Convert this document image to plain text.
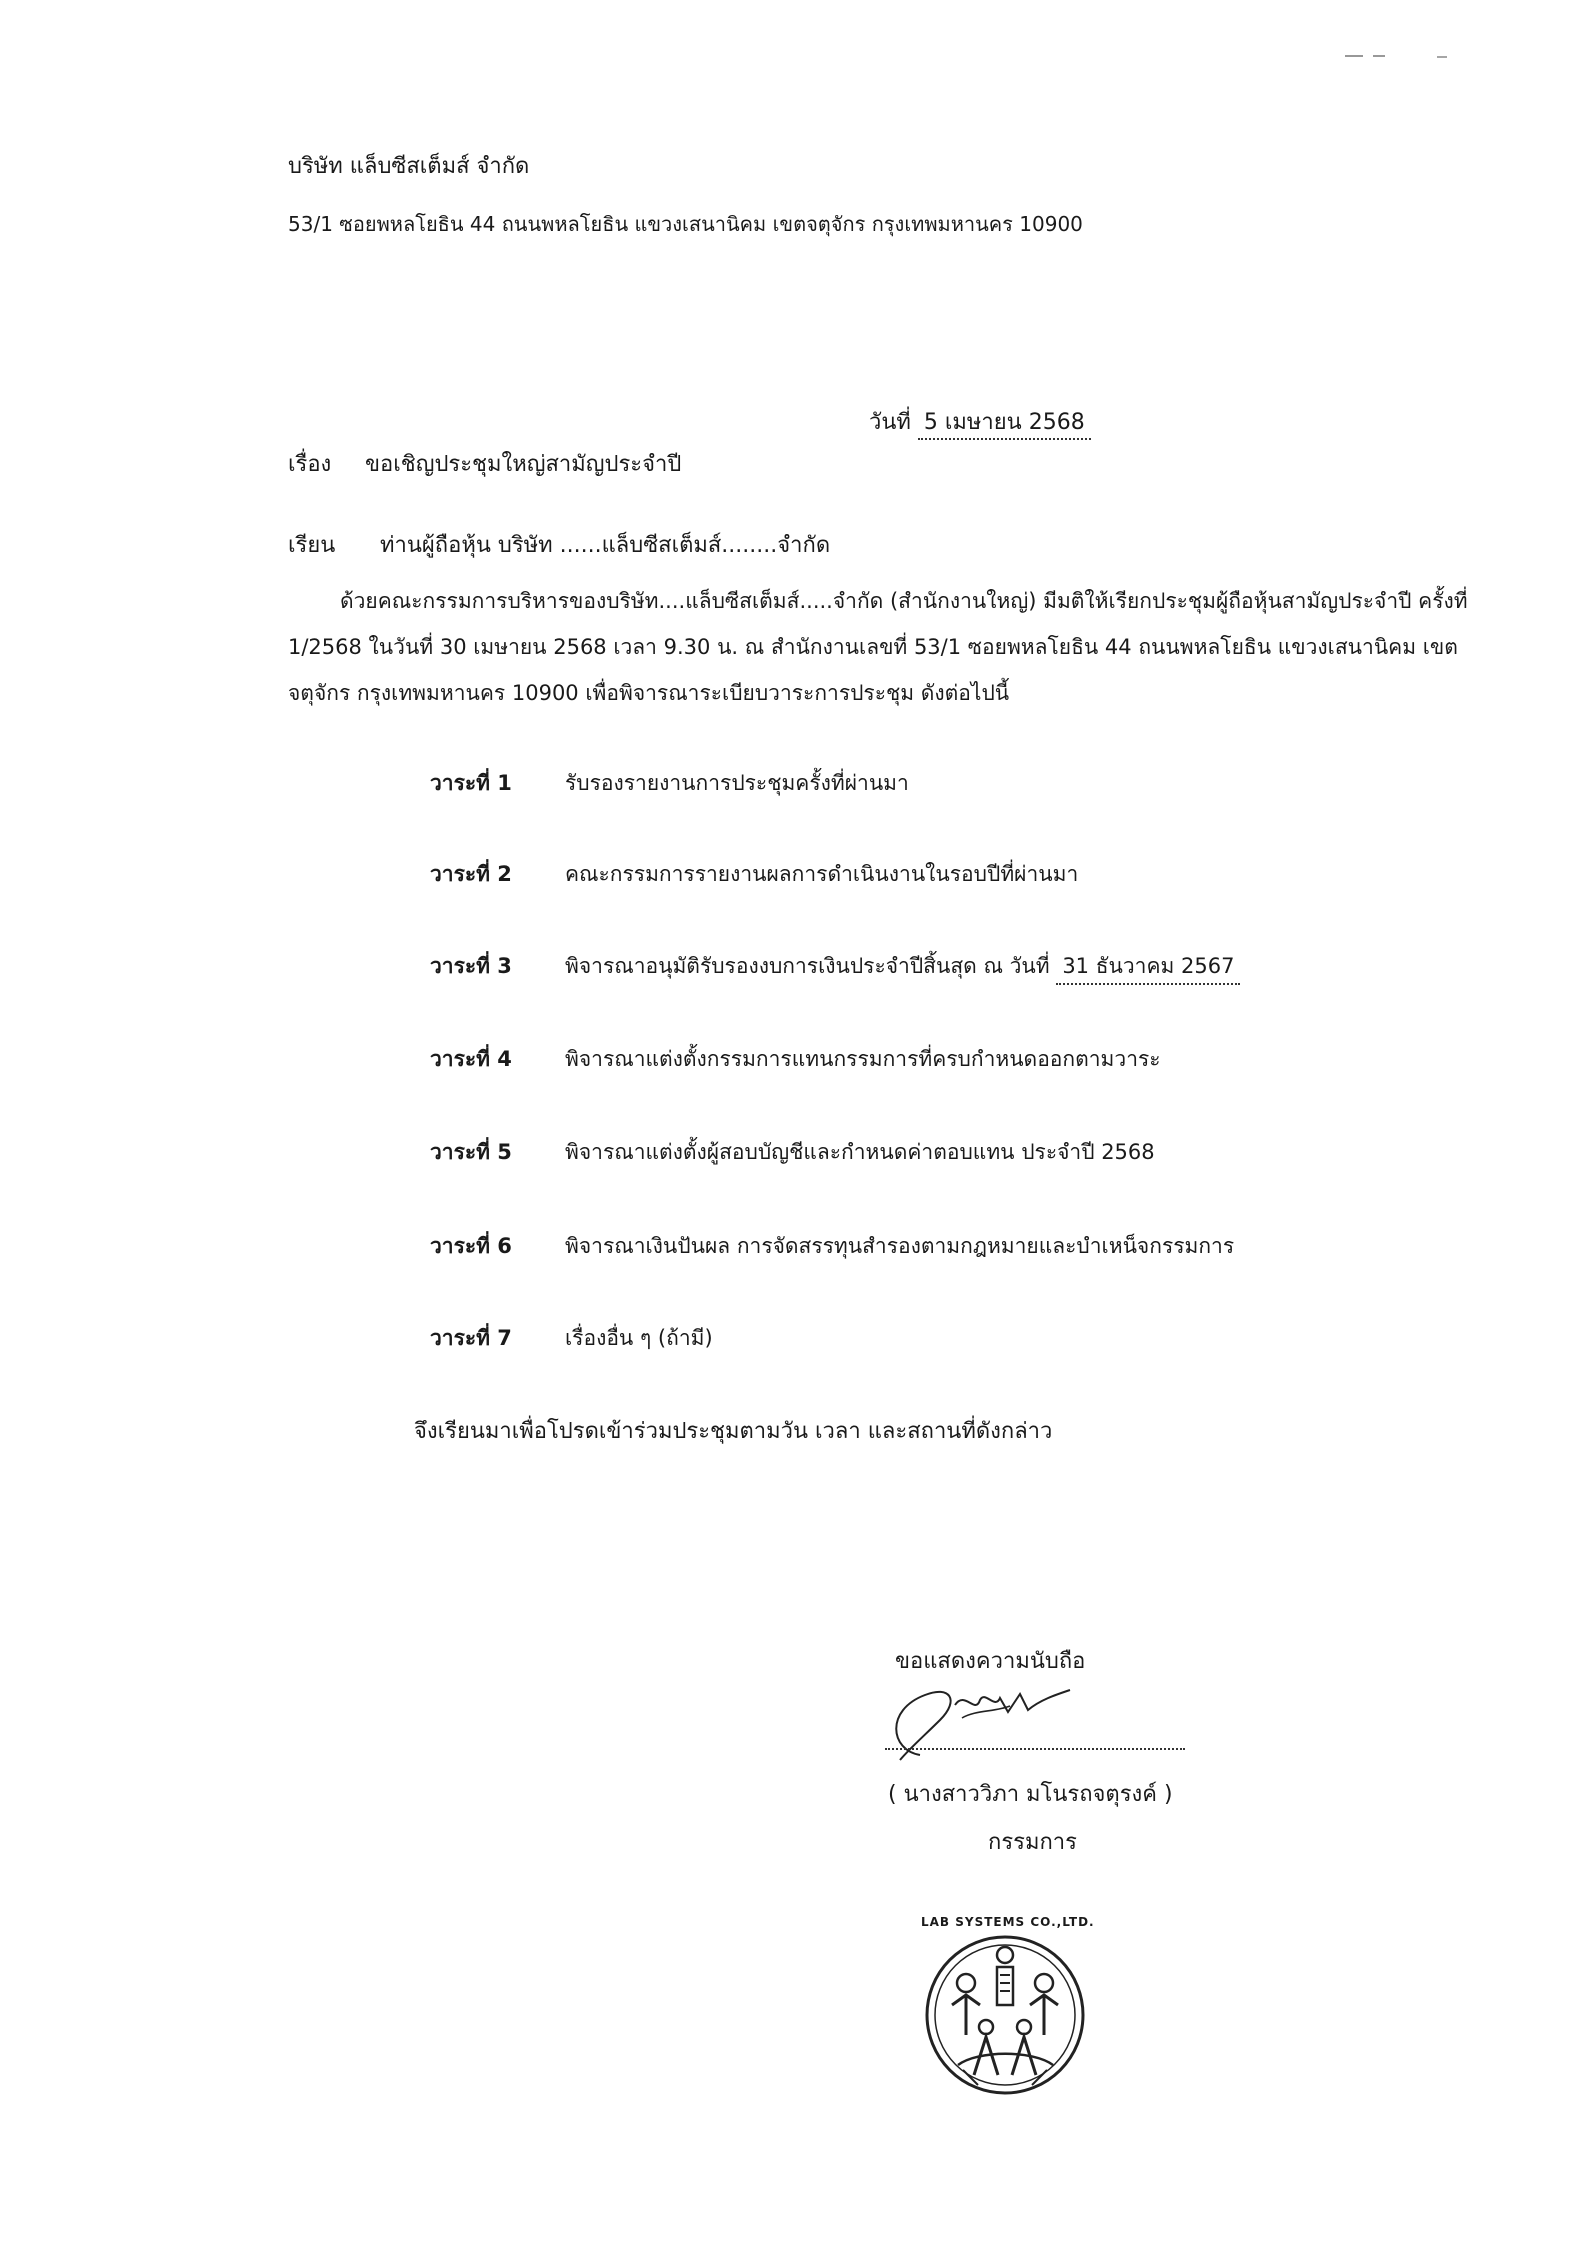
บริษัท แล็บซีสเต็มส์ จำกัด
53/1 ซอยพหลโยธิน 44 ถนนพหลโยธิน แขวงเสนานิคม เขตจตุจักร กรุงเทพมหานคร 10900
วันที่ 5 เมษายน 2568
เรื่อง ขอเชิญประชุมใหญ่สามัญประจำปี
เรียน ท่านผู้ถือหุ้น บริษัท ......แล็บซีสเต็มส์........จำกัด

ด้วยคณะกรรมการบริหารของบริษัท....แล็บซีสเต็มส์.....จำกัด (สำนักงานใหญ่) มีมติให้เรียกประชุมผู้ถือหุ้นสามัญประจำปี ครั้งที่ 1/2568 ในวันที่ 30 เมษายน 2568 เวลา 9.30 น. ณ สำนักงานเลขที่ 53/1 ซอยพหลโยธิน 44 ถนนพหลโยธิน แขวงเสนานิคม เขตจตุจักร กรุงเทพมหานคร 10900 เพื่อพิจารณาระเบียบวาระการประชุม ดังต่อไปนี้

วาระที่ 1	รับรองรายงานการประชุมครั้งที่ผ่านมา
วาระที่ 2	คณะกรรมการรายงานผลการดำเนินงานในรอบปีที่ผ่านมา
วาระที่ 3	พิจารณาอนุมัติรับรองงบการเงินประจำปีสิ้นสุด ณ วันที่ 31 ธันวาคม 2567
วาระที่ 4	พิจารณาแต่งตั้งกรรมการแทนกรรมการที่ครบกำหนดออกตามวาระ
วาระที่ 5	พิจารณาแต่งตั้งผู้สอบบัญชีและกำหนดค่าตอบแทน ประจำปี 2568
วาระที่ 6	พิจารณาเงินปันผล การจัดสรรทุนสำรองตามกฎหมายและบำเหน็จกรรมการ
วาระที่ 7	เรื่องอื่น ๆ (ถ้ามี)
จึงเรียนมาเพื่อโปรดเข้าร่วมประชุมตามวัน เวลา และสถานที่ดังกล่าว
ขอแสดงความนับถือ
( นางสาววิภา มโนรถจตุรงค์ )
กรรมการ
LAB SYSTEMS CO.,LTD.
